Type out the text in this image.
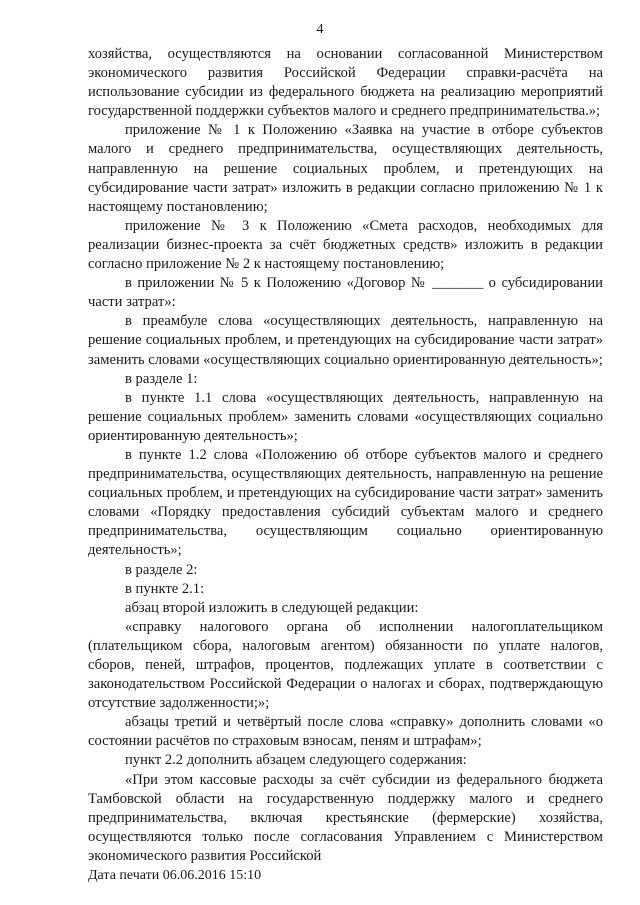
4

хозяйства, осуществляются на основании согласованной Министерством экономического развития Российской Федерации справки-расчёта на использование субсидии из федерального бюджета на реализацию мероприятий государственной поддержки субъектов малого и среднего предпринимательства.»;

приложение № 1 к Положению «Заявка на участие в отборе субъектов малого и среднего предпринимательства, осуществляющих деятельность, направленную на решение социальных проблем, и претендующих на субсидирование части затрат» изложить в редакции согласно приложению № 1 к настоящему постановлению;

приложение № 3 к Положению «Смета расходов, необходимых для реализации бизнес-проекта за счёт бюджетных средств» изложить в редакции согласно приложение № 2 к настоящему постановлению;

в приложении № 5 к Положению «Договор № _______ о субсидировании части затрат»:

в преамбуле слова «осуществляющих деятельность, направленную на решение социальных проблем, и претендующих на субсидирование части затрат» заменить словами «осуществляющих социально ориентированную деятельность»;

в разделе 1:

в пункте 1.1 слова «осуществляющих деятельность, направленную на решение социальных проблем» заменить словами «осуществляющих социально ориентированную деятельность»;

в пункте 1.2 слова «Положению об отборе субъектов малого и среднего предпринимательства, осуществляющих деятельность, направленную на решение социальных проблем, и претендующих на субсидирование части затрат» заменить словами «Порядку предоставления субсидий субъектам малого и среднего предпринимательства, осуществляющим социально ориентированную деятельность»;

в разделе 2:

в пункте 2.1:

абзац второй изложить в следующей редакции:

«справку налогового органа об исполнении налогоплательщиком (плательщиком сбора, налоговым агентом) обязанности по уплате налогов, сборов, пеней, штрафов, процентов, подлежащих уплате в соответствии с законодательством Российской Федерации о налогах и сборах, подтверждающую отсутствие задолженности;»;

абзацы третий и четвёртый после слова «справку» дополнить словами «о состоянии расчётов по страховым взносам, пеням и штрафам»;

пункт 2.2 дополнить абзацем следующего содержания:

«При этом кассовые расходы за счёт субсидии из федерального бюджета Тамбовской области на государственную поддержку малого и среднего предпринимательства, включая крестьянские (фермерские) хозяйства, осуществляются только после согласования Управлением с Министерством экономического развития Российской

Дата печати 06.06.2016 15:10
